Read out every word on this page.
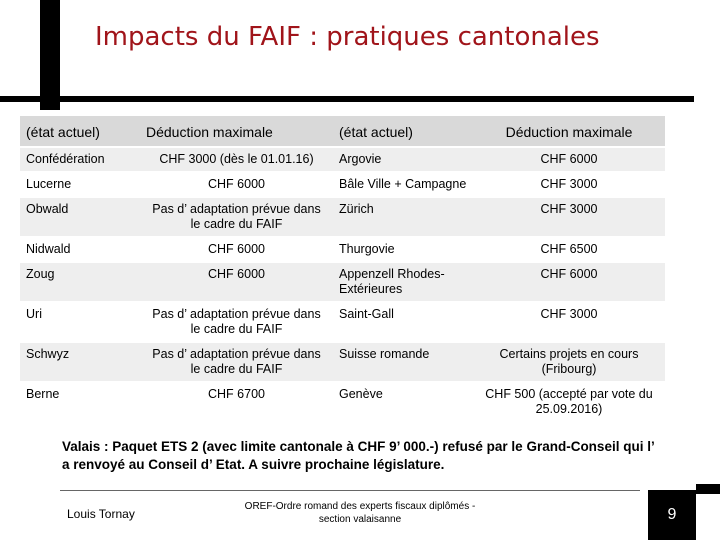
Impacts du FAIF : pratiques cantonales
(état actuel)	Déduction maximale	(état actuel)	Déduction maximale
Confédération	CHF 3000 (dès le 01.01.16)	Argovie	CHF 6000
Lucerne	CHF 6000	Bâle Ville + Campagne	CHF 3000
Obwald	Pas d’ adaptation prévue dans le cadre du FAIF	Zürich	CHF 3000
Nidwald	CHF 6000	Thurgovie	CHF 6500
Zoug	CHF 6000	Appenzell Rhodes-Extérieures	CHF 6000
Uri	Pas d’ adaptation prévue dans le cadre du FAIF	Saint-Gall	CHF 3000
Schwyz	Pas d’ adaptation prévue dans le cadre du FAIF	Suisse romande	Certains projets en cours (Fribourg)
Berne	CHF 6700	Genève	CHF 500 (accepté par vote du 25.09.2016)
Valais : Paquet ETS 2 (avec limite cantonale à CHF 9’ 000.-) refusé par le Grand-Conseil qui l’ a renvoyé au Conseil d’ Etat. A suivre prochaine législature.
Louis Tornay
OREF-Ordre romand des experts fiscaux diplômés - section valaisanne	9
